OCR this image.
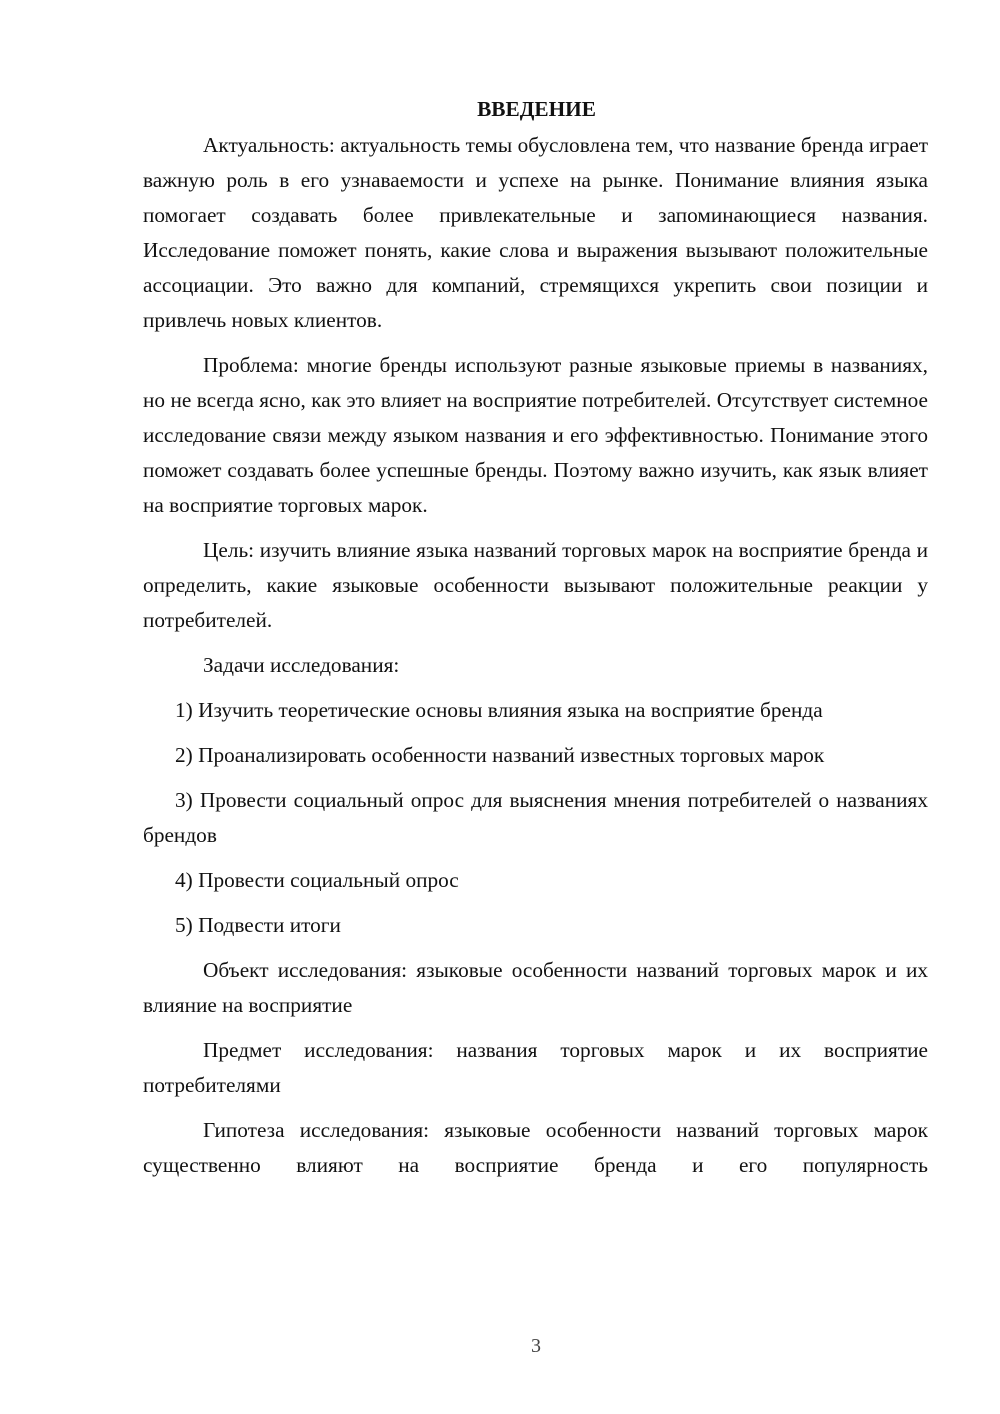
ВВЕДЕНИЕ

Актуальность: актуальность темы обусловлена тем, что название бренда играет важную роль в его узнаваемости и успехе на рынке. Понимание влияния языка помогает создавать более привлекательные и запоминающиеся названия. Исследование поможет понять, какие слова и выражения вызывают положительные ассоциации. Это важно для компаний, стремящихся укрепить свои позиции и привлечь новых клиентов.

Проблема: многие бренды используют разные языковые приемы в названиях, но не всегда ясно, как это влияет на восприятие потребителей. Отсутствует системное исследование связи между языком названия и его эффективностью. Понимание этого поможет создавать более успешные бренды. Поэтому важно изучить, как язык влияет на восприятие торговых марок.

Цель: изучить влияние языка названий торговых марок на восприятие бренда и определить, какие языковые особенности вызывают положительные реакции у потребителей.

Задачи исследования:

1) Изучить теоретические основы влияния языка на восприятие бренда

2) Проанализировать особенности названий известных торговых марок

3) Провести социальный опрос для выяснения мнения потребителей о названиях брендов

4) Провести социальный опрос

5) Подвести итоги

Объект исследования: языковые особенности названий торговых марок и их влияние на восприятие

Предмет исследования: названия торговых марок и их восприятие потребителями

Гипотеза исследования: языковые особенности названий торговых марок существенно влияют на восприятие бренда и его популярность

3
